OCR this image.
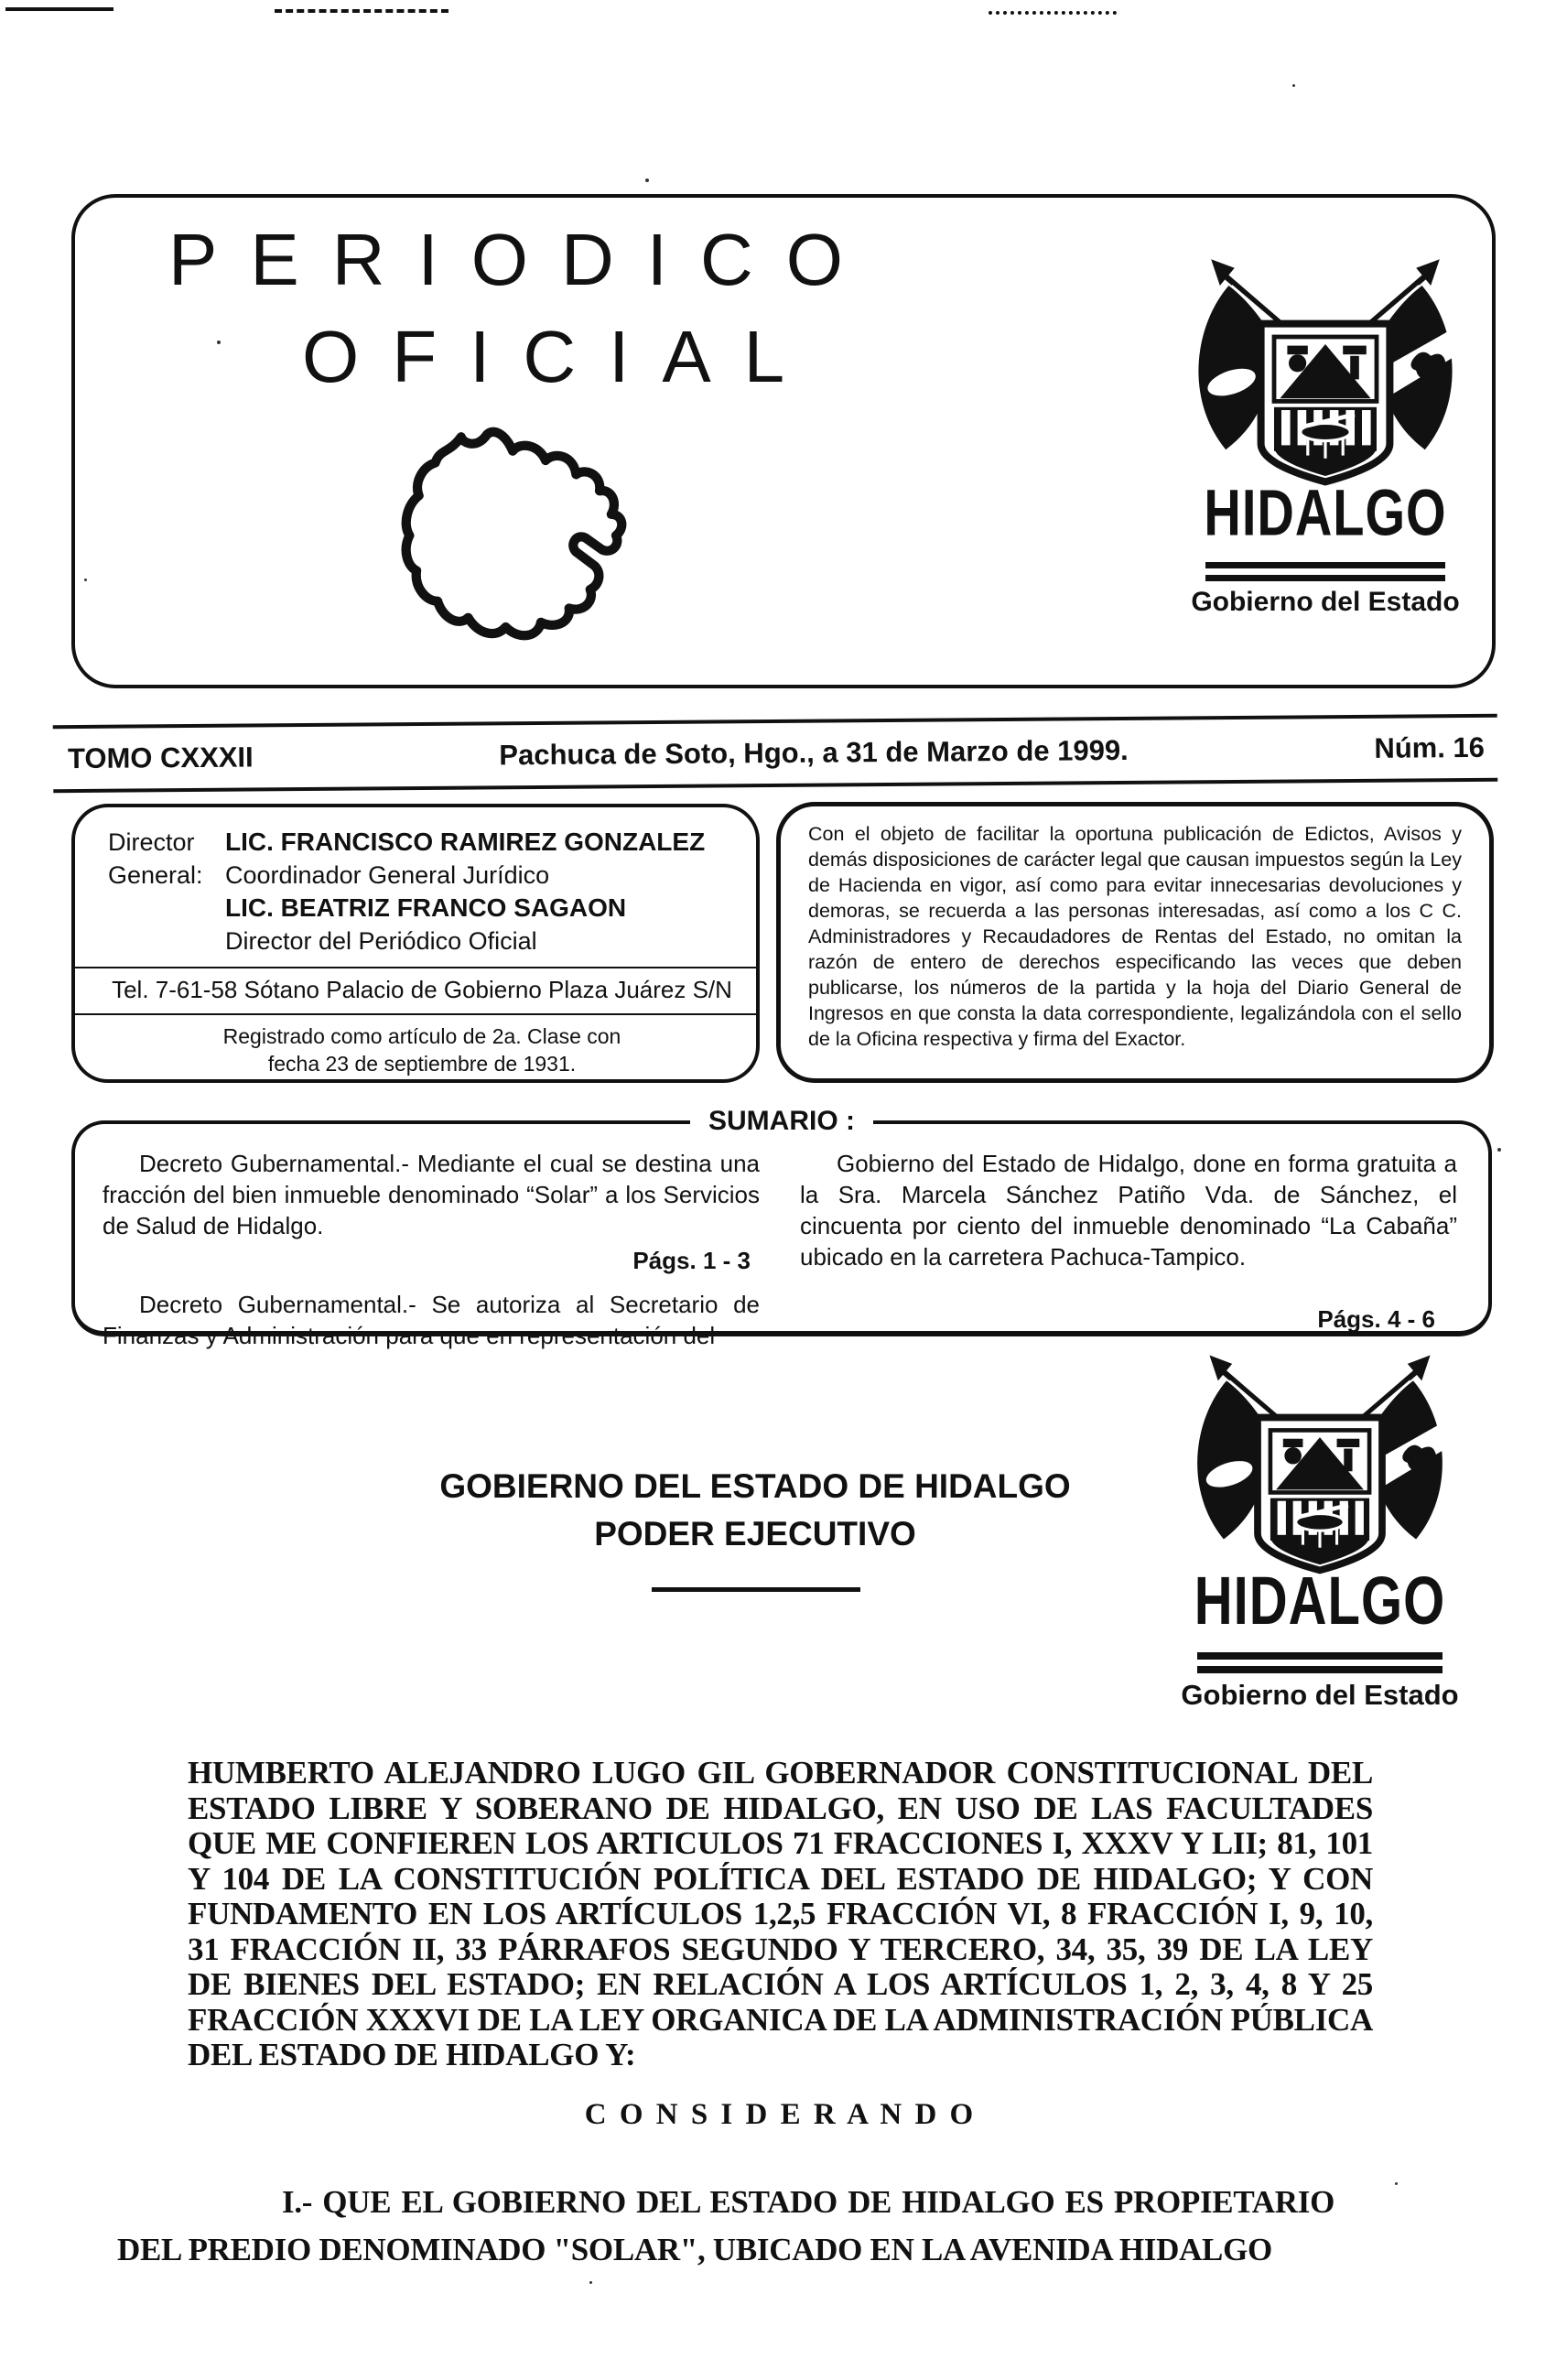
PERIODICO
OFICIAL
HIDALGO
Gobierno del Estado
TOMO CXXXII	Pachuca de Soto, Hgo., a 31 de Marzo de 1999.	Núm. 16
Director
General:
LIC. FRANCISCO RAMIREZ GONZALEZ
Coordinador General Jurídico
LIC. BEATRIZ FRANCO SAGAON
Director del Periódico Oficial
Tel. 7-61-58 Sótano Palacio de Gobierno Plaza Juárez S/N
Registrado como artículo de 2a. Clase con
fecha 23 de septiembre de 1931.
Con el objeto de facilitar la oportuna publicación de Edictos, Avisos y demás disposiciones de carácter legal que causan impuestos según la Ley de Hacienda en vigor, así como para evitar innecesarias devoluciones y demoras, se recuerda a las personas interesadas, así como a los C C. Administradores y Recaudadores de Rentas del Estado, no omitan la razón de entero de derechos especificando las veces que deben publicarse, los números de la partida y la hoja del Diario General de Ingresos en que consta la data correspondiente, legalizándola con el sello de la Oficina respectiva y firma del Exactor.
SUMARIO :

Decreto Gubernamental.- Mediante el cual se destina una fracción del bien inmueble denominado “Solar” a los Servicios de Salud de Hidalgo.

Págs. 1 - 3

Decreto Gubernamental.- Se autoriza al Secretario de Finanzas y Administración para que en representación del

Gobierno del Estado de Hidalgo, done en forma gratuita a la Sra. Marcela Sánchez Patiño Vda. de Sánchez, el cincuenta por ciento del inmueble denominado “La Cabaña” ubicado en la carretera Pachuca-Tampico.

Págs. 4 - 6
GOBIERNO DEL ESTADO DE HIDALGO
PODER EJECUTIVO
HIDALGO
Gobierno del Estado
HUMBERTO ALEJANDRO LUGO GIL GOBERNADOR CONSTITUCIONAL DEL ESTADO LIBRE Y SOBERANO DE HIDALGO, EN USO DE LAS FACULTADES QUE ME CONFIEREN LOS ARTICULOS 71 FRACCIONES I, XXXV Y LII; 81, 101 Y 104 DE LA CONSTITUCIÓN POLÍTICA DEL ESTADO DE HIDALGO; Y CON FUNDAMENTO EN LOS ARTÍCULOS 1,2,5 FRACCIÓN VI, 8 FRACCIÓN I, 9, 10, 31 FRACCIÓN II, 33 PÁRRAFOS SEGUNDO Y TERCERO, 34, 35, 39 DE LA LEY DE BIENES DEL ESTADO; EN RELACIÓN A LOS ARTÍCULOS 1, 2, 3, 4, 8 Y 25 FRACCIÓN XXXVI DE LA LEY ORGANICA DE LA ADMINISTRACIÓN PÚBLICA DEL ESTADO DE HIDALGO Y:
C O N S I D E R A N D O
I.- QUE EL GOBIERNO DEL ESTADO DE HIDALGO ES PROPIETARIO DEL PREDIO DENOMINADO "SOLAR", UBICADO EN LA AVENIDA HIDALGO
